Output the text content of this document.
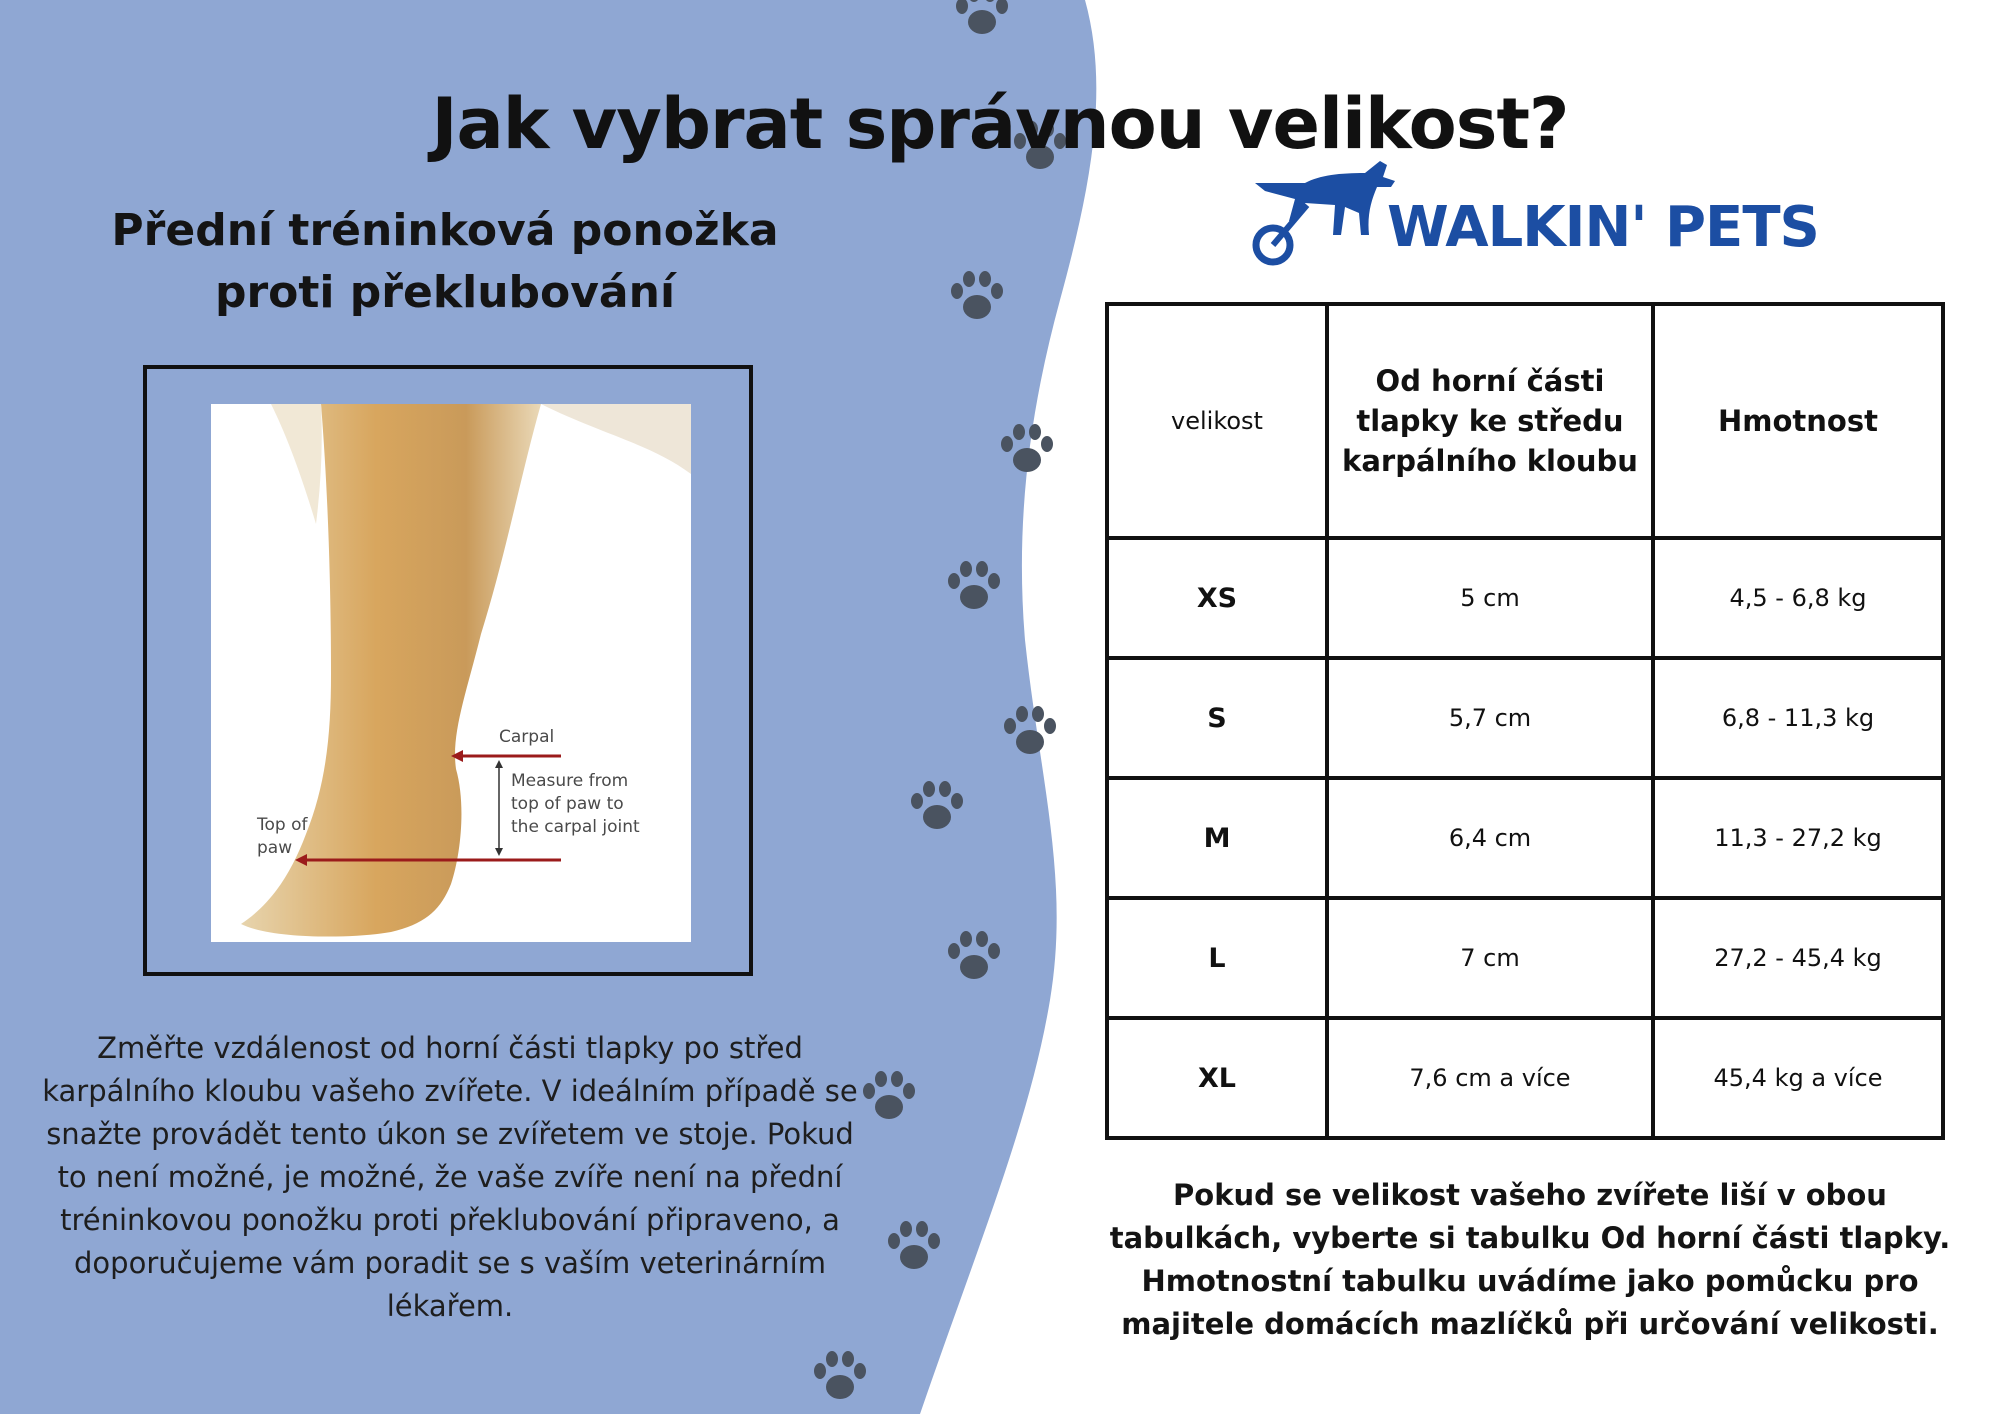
Jak vybrat správnou velikost?
Přední tréninková ponožka
proti překlubování
Carpal
Measure from
top of paw to
the carpal joint
Top of
paw

Změřte vzdálenost od horní části tlapky po střed karpálního kloubu vašeho zvířete. V ideálním případě se snažte provádět tento úkon se zvířetem ve stoje. Pokud to není možné, je možné, že vaše zvíře není na přední tréninkovou ponožku proti překlubování připraveno, a doporučujeme vám poradit se s vaším veterinárním lékařem.

WALKIN' PETS
velikost	Od horní části tlapky ke středu karpálního kloubu	Hmotnost
XS	5 cm	4,5 - 6,8 kg
S	5,7 cm	6,8 - 11,3 kg
M	6,4 cm	11,3 - 27,2 kg
L	7 cm	27,2 - 45,4 kg
XL	7,6 cm a více	45,4 kg a více

Pokud se velikost vašeho zvířete liší v obou tabulkách, vyberte si tabulku Od horní části tlapky. Hmotnostní tabulku uvádíme jako pomůcku pro majitele domácích mazlíčků při určování velikosti.
